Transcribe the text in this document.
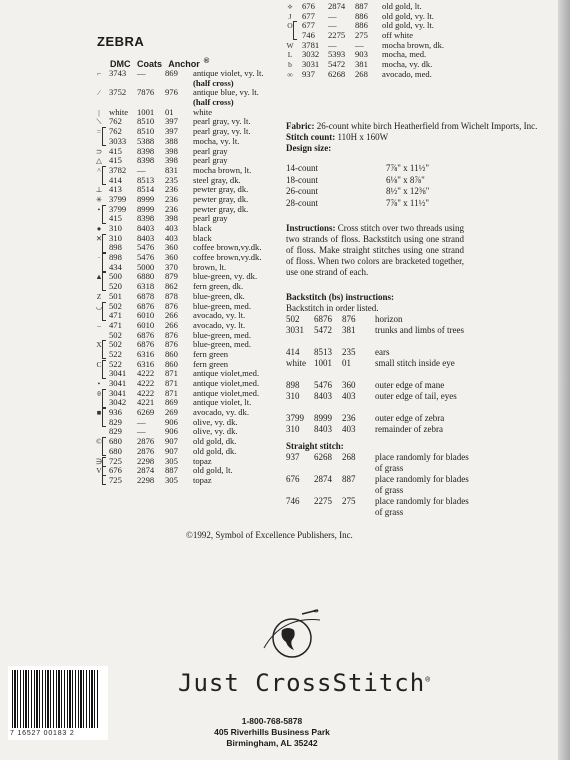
ZEBRA
DMC Coats Anchor ®
⌐ 3743 — 869 antique violet, vy. lt.
(half cross)
⁄	3752 7876 976 antique blue, vy. lt.
(half cross)
|	white 1001 01 white
⟍ 762 8510 397 pearl gray, vy. lt.
= 762 8510 397 pearl gray, vy. lt.
3033 5388 388 mocha, vy. lt.
⊃ 415 8398 398 pearl gray
△ 415 8398 398 pearl gray
^ 3782 — 831 mocha brown, lt.
414 8513 235 steel gray, dk.
⊥ 413 8514 236 pewter gray, dk.
✳ 3799 8999 236 pewter gray, dk.
•	3799 8999 236 pewter gray, dk.
415 8398 398 pearl gray
● 310 8403 403 black
✕ 310 8403 403 black
898 5476 360 coffee brown,vy.dk.
·	898 5476 360 coffee brown,vy.dk.
434 5000 370 brown, lt.
▲ 500 6880 879 blue-green, vy. dk.
520 6318 862 fern green, dk.
Z 501 6878 878 blue-green, dk.
◡ 502 6876 876 blue-green, med.
471 6010 266 avocado, vy. lt.
– 471 6010 266 avocado, vy. lt.
502 6876 876 blue-green, med.
X 502 6876 876 blue-green, med.
522 6316 860 fern green
C 522 6316 860 fern green
3041 4222 871 antique violet,med.
•	3041 4222 871 antique violet,med.
θ 3041 4222 871 antique violet,med.
3042 4221 869 antique violet, lt.
■ 936 6269 269 avocado, vy. dk.
829 — 906 olive, vy. dk.
829 — 906 olive, vy. dk.
© 680 2876 907 old gold, dk.
680 2876 907 old gold, dk.
∋ 725 2298 305 topaz
V 676 2874 887 old gold, lt.
725 2298 305 topaz
⟡	676 2874 887 old gold, lt.
J	677 — 886 old gold, vy. lt.
O	677 — 886 old gold, vy. lt.
746 2275 275 off white
W 3781 — — mocha brown, dk.
L	3032 5393 903 mocha, med.
b	3031 5472 381 mocha, vy. dk.
∞	937 6268 268 avocado, med.
Fabric: 26-count white birch Heatherfield from Wichelt Imports, Inc.
Stitch count: 110H x 160W
Design size:
14-count	7⅞" x 11½"
18-count	6⅛" x 8⅞"
26-count	8½" x 12⅜"
28-count	7⅞" x 11½"
Instructions: Cross stitch over two threads using two strands of floss. Backstitch using one strand of floss. Make straight stitches using one strand of floss. When two colors are bracketed together, use one strand of each.
Backstitch (bs) instructions:
Backstitch in order listed.
502 6876 876 horizon
3031 5472 381 trunks and limbs of trees
414 8513 235 ears
white 1001 01	small stitch inside eye
898 5476 360 outer edge of mane
310 8403 403 outer edge of tail, eyes
3799 8999 236 outer edge of zebra
310 8403 403 remainder of zebra
Straight stitch:
937 6268 268 place randomly for blades of grass
676 2874 887 place randomly for blades of grass
746 2275 275 place randomly for blades of grass
©1992, Symbol of Excellence Publishers, Inc.
Just CrossStitch®
1-800-768-5878
405 Riverhills Business Park
Birmingham, AL 35242
7 16527 00183 2
